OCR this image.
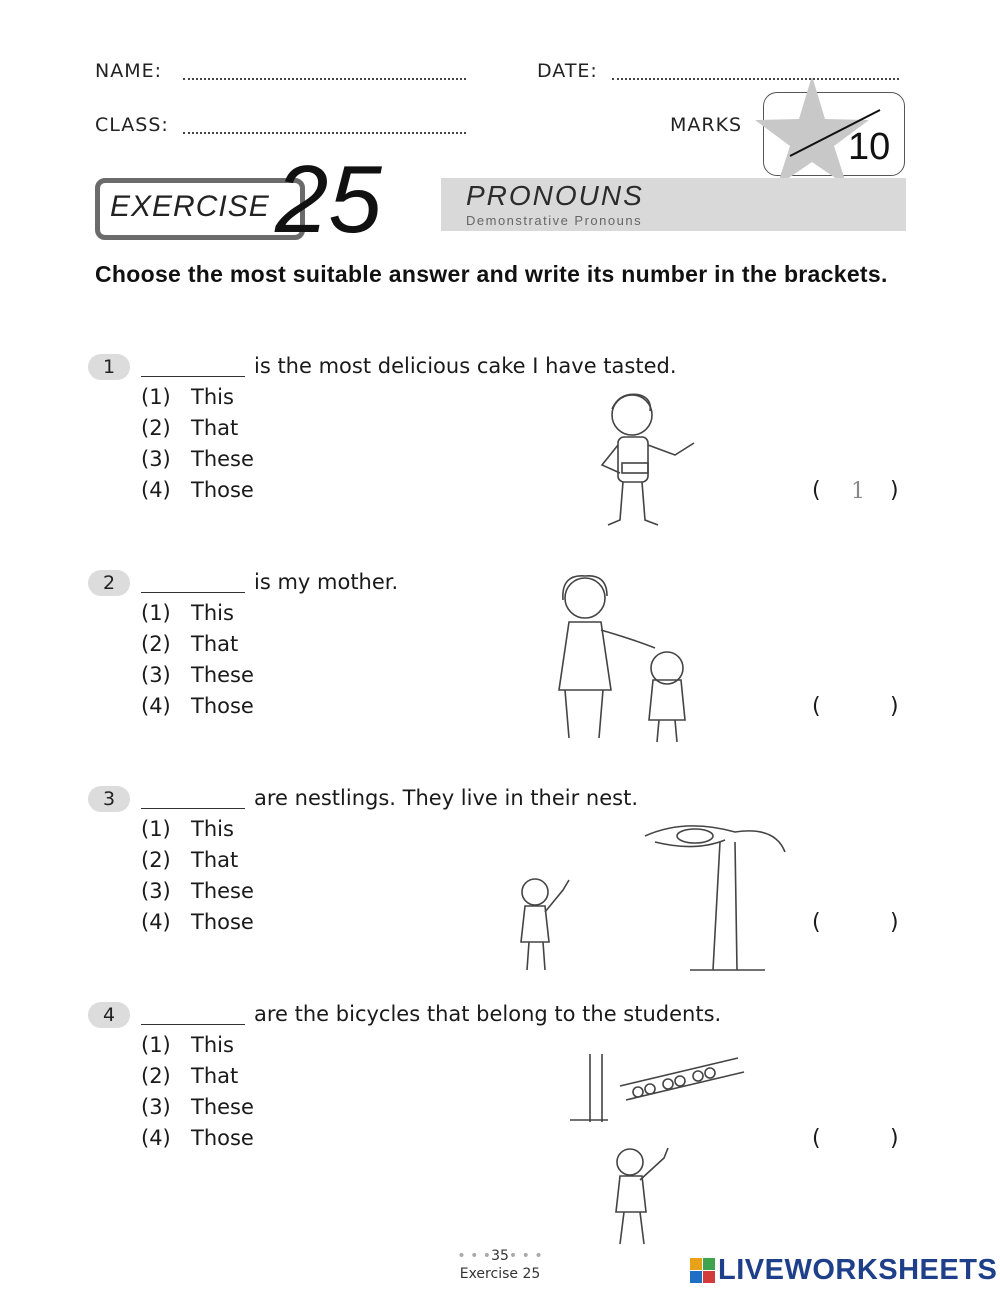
NAME:	DATE:
CLASS:	MARKS
10
EXERCISE 25	PRONOUNS
Demonstrative Pronouns
Choose the most suitable answer and write its number in the brackets.
1	is the most delicious cake I have tasted.
(1) This
(2) That
(3) These
(4) Those	(	1	)
2	is my mother.
(1) This
(2) That
(3) These
(4) Those	(	)
3	are nestlings. They live in their nest.
(1) This
(2) That
(3) These
(4) Those	(	)
4	are the bicycles that belong to the students.
(1) This
(2) That
(3) These
(4) Those	(	)
• • •35• • •
Exercise 25	LIVEWORKSHEETS
